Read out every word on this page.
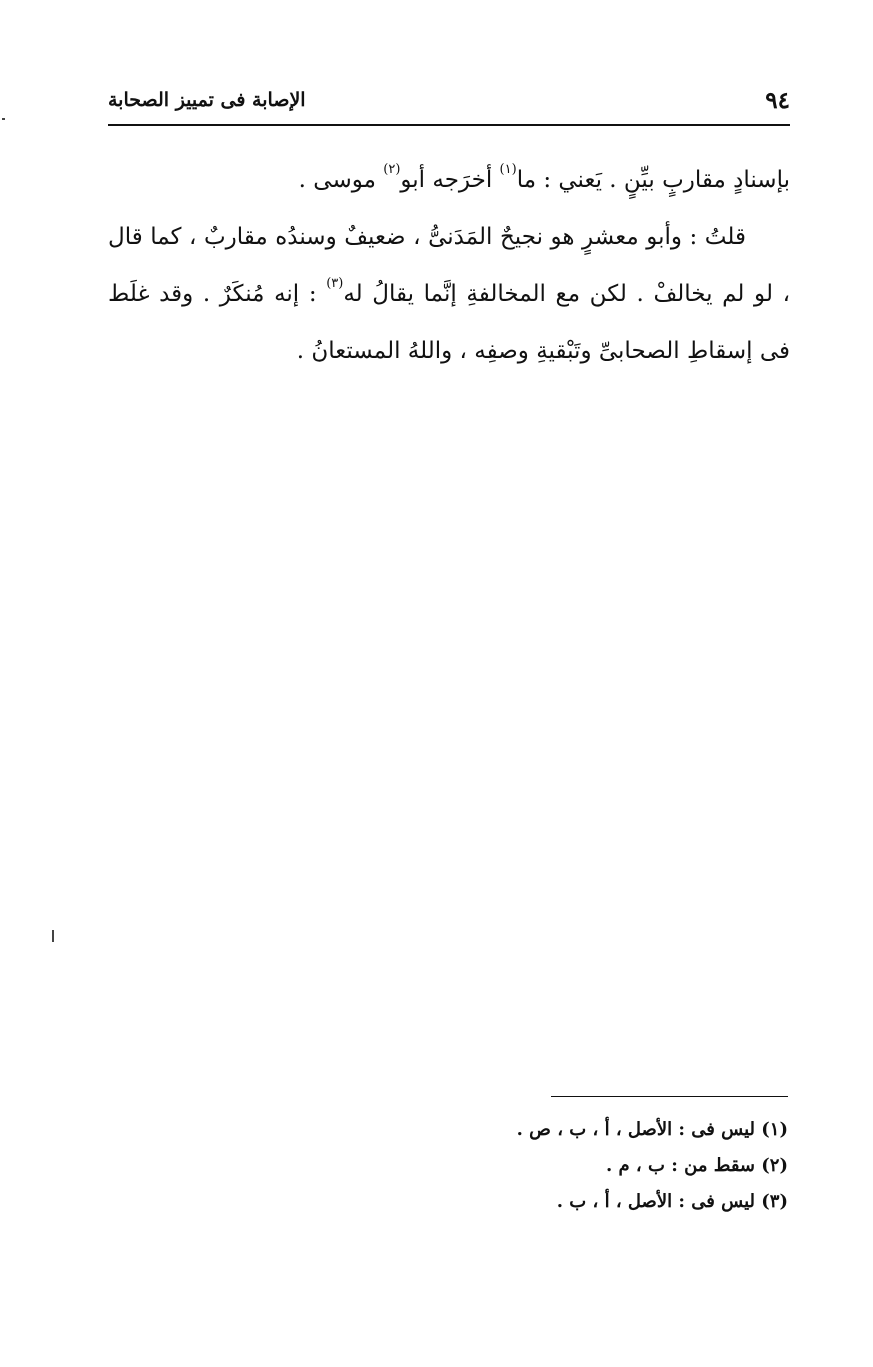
٩٤
الإصابة فى تمييز الصحابة

بإسنادٍ مقاربٍ بيِّنٍ . يَعني : ما$^{(١)}$ أخرَجه أبو$^{(٢)}$ موسى .

قلتُ : وأبو معشرٍ هو نجيحٌ المَدَنىُّ ، ضعيفٌ وسندُه مقاربٌ ، كما قال ، لو لم يخالفْ . لكن مع المخالفةِ إنَّما يقالُ له$^{(٣)}$ : إنه مُنكَرٌ . وقد غلَط فى إسقاطِ الصحابىِّ وتَبْقيةِ وصفِه ، واللهُ المستعانُ .

(١) ليس فى : الأصل ، أ ، ب ، ص .
(٢) سقط من : ب ، م .
(٣) ليس فى : الأصل ، أ ، ب .
